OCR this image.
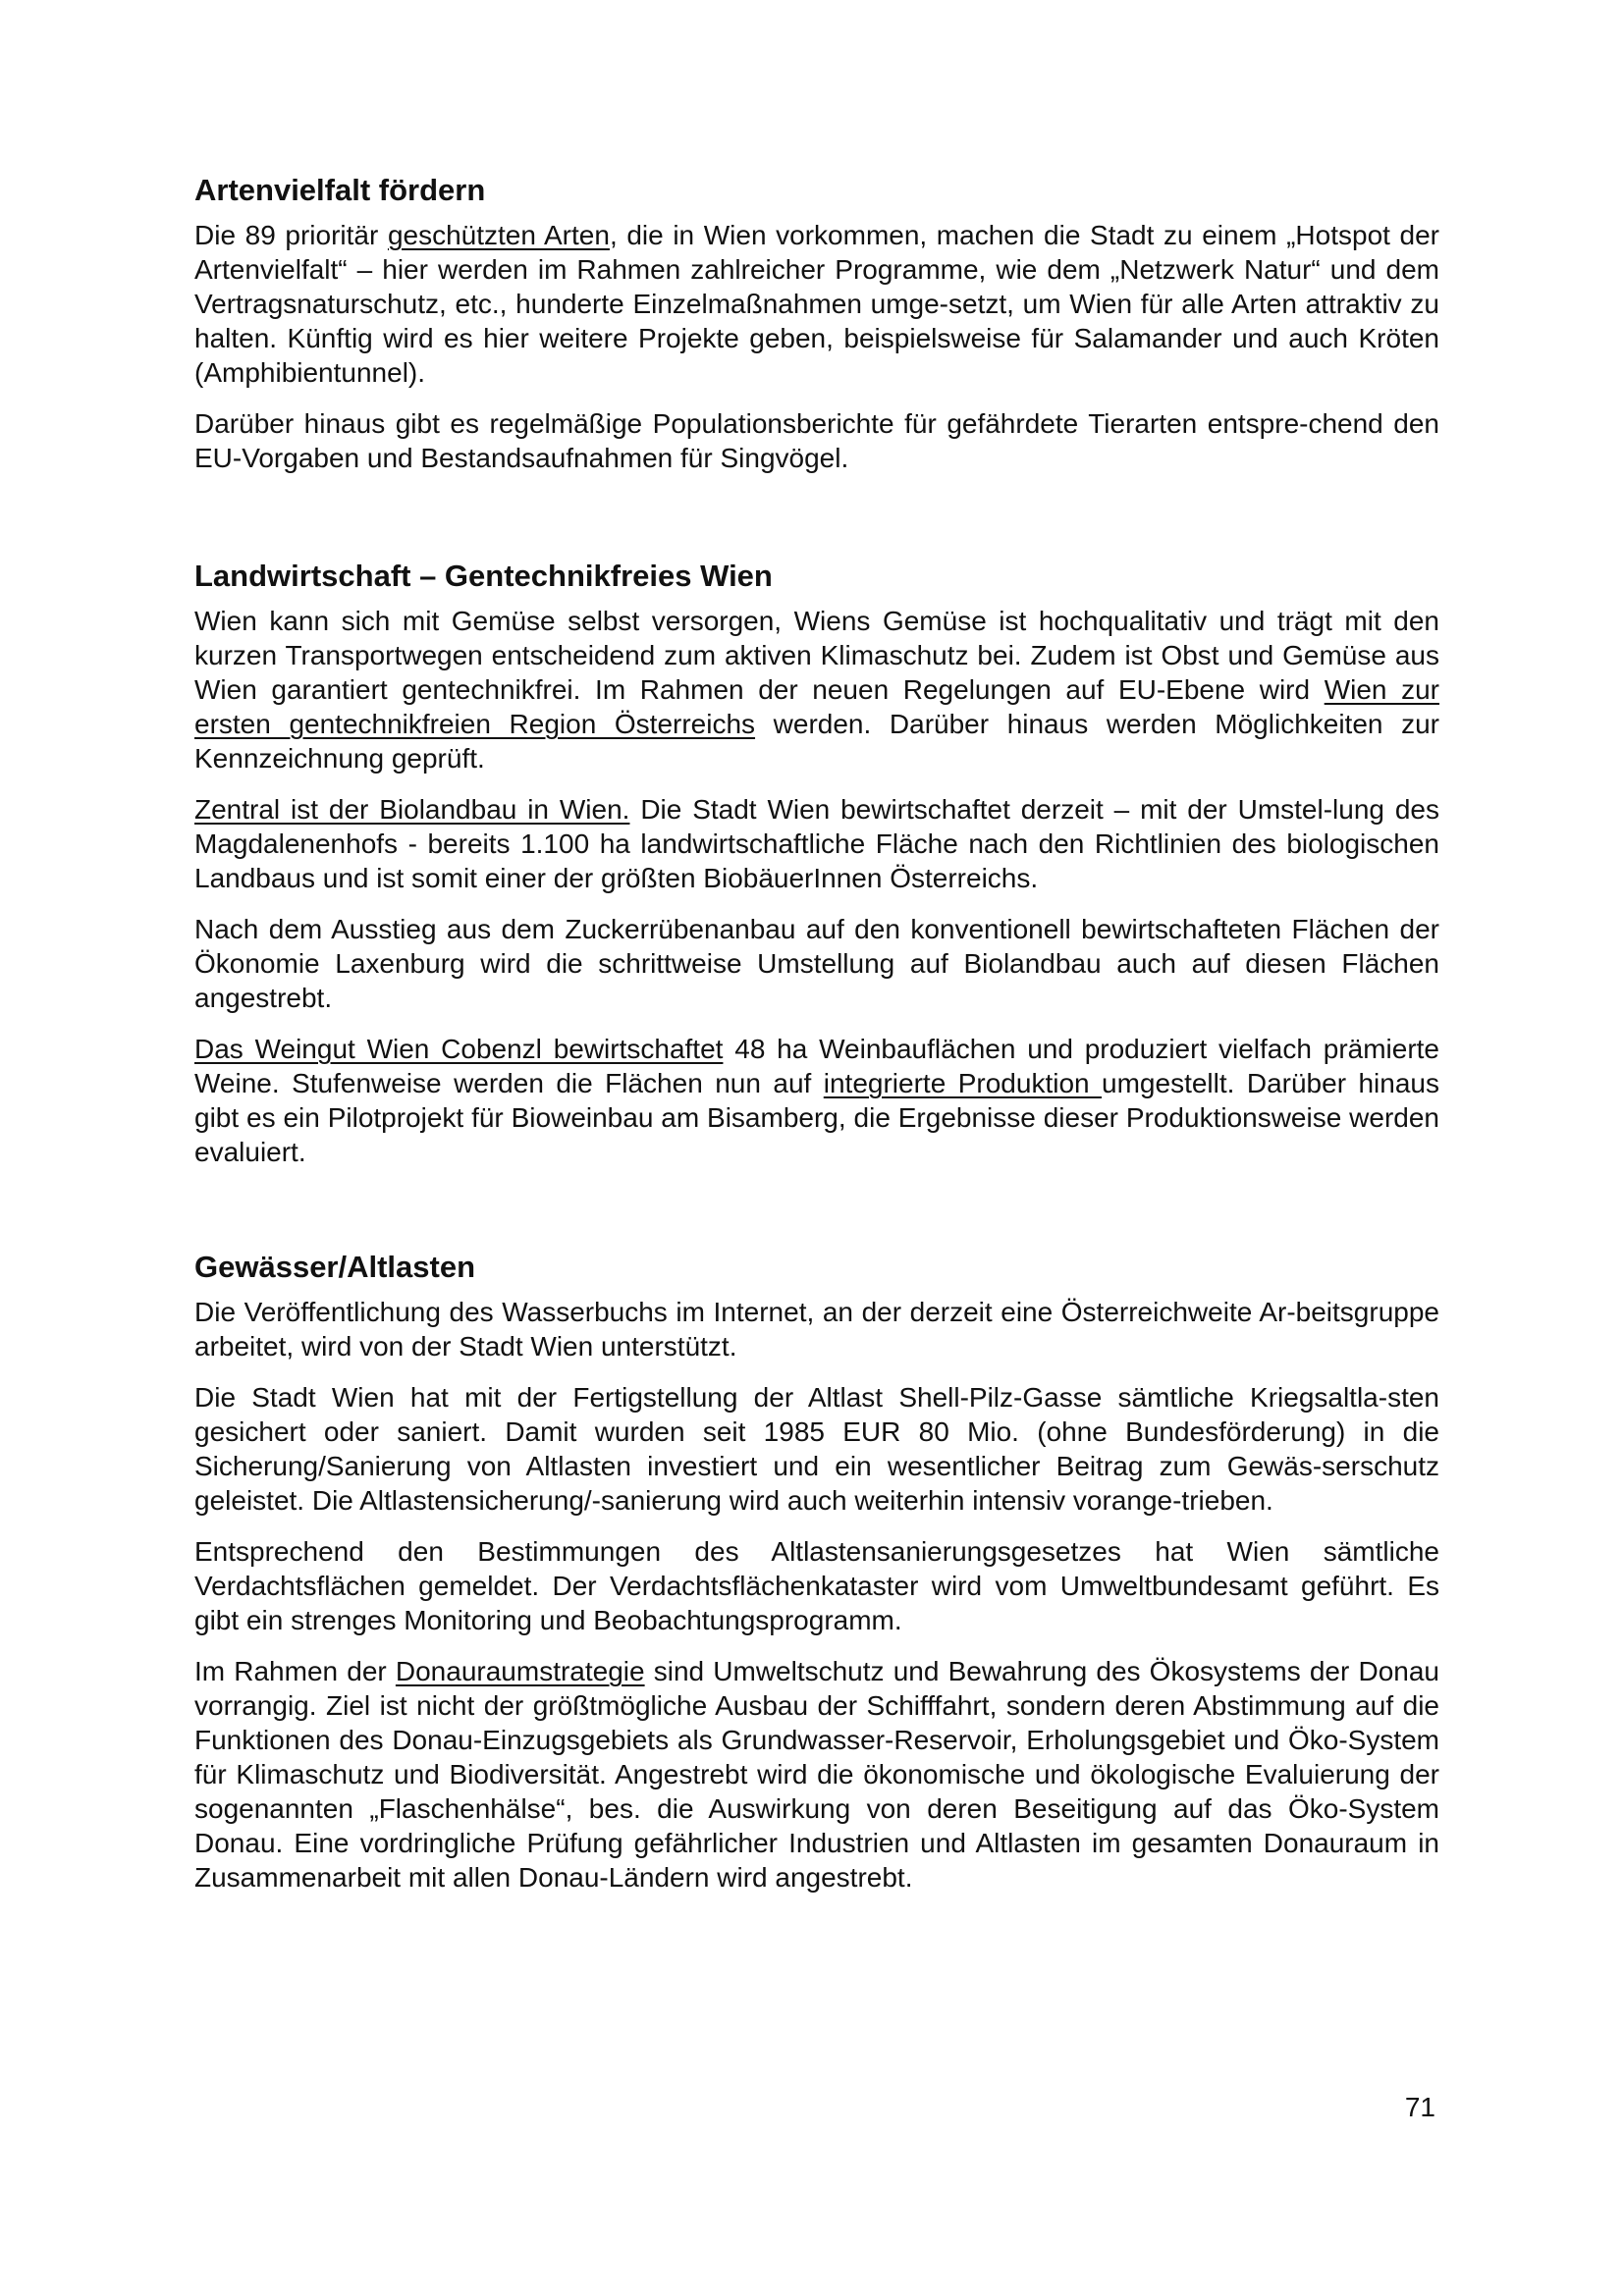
Artenvielfalt fördern

Die 89 prioritär geschützten Arten, die in Wien vorkommen, machen die Stadt zu einem „Hotspot der Artenvielfalt“ – hier werden im Rahmen zahlreicher Programme, wie dem „Netzwerk Natur“ und dem Vertragsnaturschutz, etc., hunderte Einzelmaßnahmen umge-setzt, um Wien für alle Arten attraktiv zu halten. Künftig wird es hier weitere Projekte geben, beispielsweise für Salamander und auch Kröten (Amphibientunnel).

Darüber hinaus gibt es regelmäßige Populationsberichte für gefährdete Tierarten entspre-chend den EU-Vorgaben und Bestandsaufnahmen für Singvögel.

Landwirtschaft – Gentechnikfreies Wien

Wien kann sich mit Gemüse selbst versorgen, Wiens Gemüse ist hochqualitativ und trägt mit den kurzen Transportwegen entscheidend zum aktiven Klimaschutz bei. Zudem ist Obst und Gemüse aus Wien garantiert gentechnikfrei. Im Rahmen der neuen Regelungen auf EU-Ebene wird Wien zur ersten gentechnikfreien Region Österreichs werden. Darüber hinaus werden Möglichkeiten zur Kennzeichnung geprüft.

Zentral ist der Biolandbau in Wien. Die Stadt Wien bewirtschaftet derzeit – mit der Umstel-lung des Magdalenenhofs - bereits 1.100 ha landwirtschaftliche Fläche nach den Richtlinien des biologischen Landbaus und ist somit einer der größten BiobäuerInnen Österreichs.

Nach dem Ausstieg aus dem Zuckerrübenanbau auf den konventionell bewirtschafteten Flächen der Ökonomie Laxenburg wird die schrittweise Umstellung auf Biolandbau auch auf diesen Flächen angestrebt.

Das Weingut Wien Cobenzl bewirtschaftet 48 ha Weinbauflächen und produziert vielfach prämierte Weine. Stufenweise werden die Flächen nun auf integrierte Produktion umgestellt. Darüber hinaus gibt es ein Pilotprojekt für Bioweinbau am Bisamberg, die Ergebnisse dieser Produktionsweise werden evaluiert.

Gewässer/Altlasten

Die Veröffentlichung des Wasserbuchs im Internet, an der derzeit eine Österreichweite Ar-beitsgruppe arbeitet, wird von der Stadt Wien unterstützt.

Die Stadt Wien hat mit der Fertigstellung der Altlast Shell-Pilz-Gasse sämtliche Kriegsaltla-sten gesichert oder saniert. Damit wurden seit 1985 EUR 80 Mio. (ohne Bundesförderung) in die Sicherung/Sanierung von Altlasten investiert und ein wesentlicher Beitrag zum Gewäs-serschutz geleistet. Die Altlastensicherung/-sanierung wird auch weiterhin intensiv vorange-trieben.

Entsprechend den Bestimmungen des Altlastensanierungsgesetzes hat Wien sämtliche Verdachtsflächen gemeldet. Der Verdachtsflächenkataster wird vom Umweltbundesamt geführt. Es gibt ein strenges Monitoring und Beobachtungsprogramm.

Im Rahmen der Donauraumstrategie sind Umweltschutz und Bewahrung des Ökosystems der Donau vorrangig. Ziel ist nicht der größtmögliche Ausbau der Schifffahrt, sondern deren Abstimmung auf die Funktionen des Donau-Einzugsgebiets als Grundwasser-Reservoir, Erholungsgebiet und Öko-System für Klimaschutz und Biodiversität. Angestrebt wird die ökonomische und ökologische Evaluierung der sogenannten „Flaschenhälse“, bes. die Auswirkung von deren Beseitigung auf das Öko-System Donau. Eine vordringliche Prüfung gefährlicher Industrien und Altlasten im gesamten Donauraum in Zusammenarbeit mit allen Donau-Ländern wird angestrebt.

71
